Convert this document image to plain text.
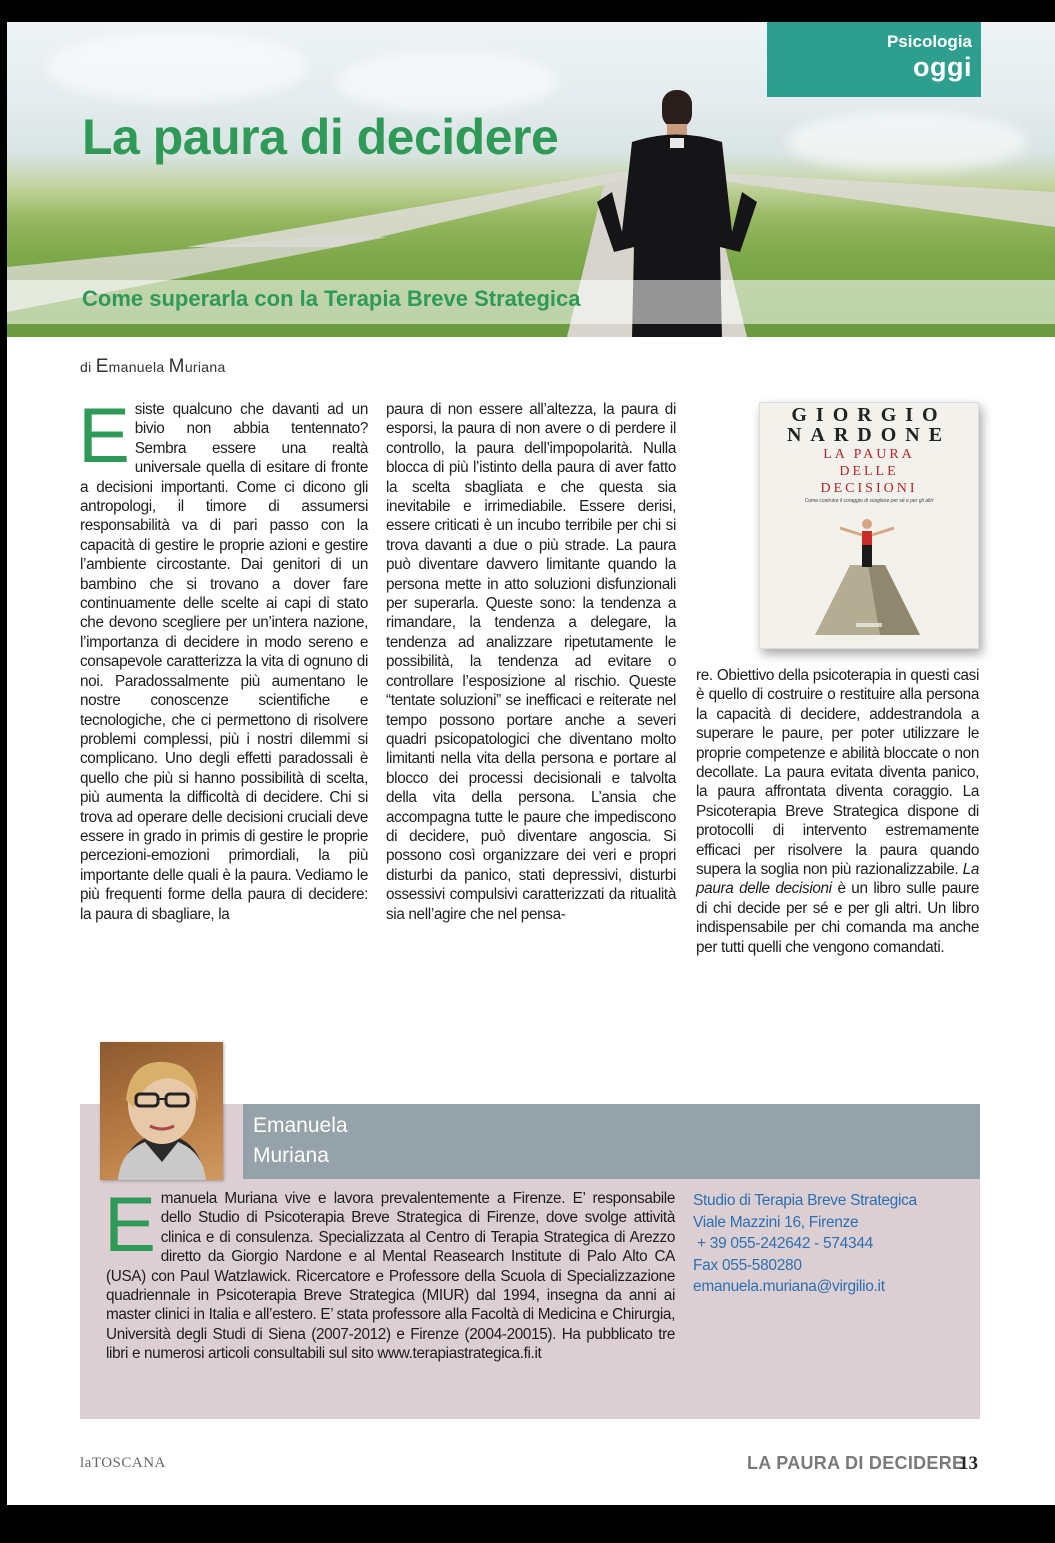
Psicologia
oggi
La paura di decidere
Come superarla con la Terapia Breve Strategica
di Emanuela Muriana

Esiste qualcuno che davanti ad un bivio non abbia tentennato? Sembra essere una realtà universale quella di esitare di fronte a decisioni importanti. Come ci dicono gli antropologi, il timore di assumersi responsabilità va di pari passo con la capacità di gestire le proprie azioni e gestire l’ambiente circostante. Dai genitori di un bambino che si trovano a dover fare continuamente delle scelte ai capi di stato che devono scegliere per un’intera nazione, l’importanza di decidere in modo sereno e consapevole caratterizza la vita di ognuno di noi. Paradossalmente più aumentano le nostre conoscenze scientifiche e tecnologiche, che ci permettono di risolvere problemi complessi, più i nostri dilemmi si complicano. Uno degli effetti paradossali è quello che più si hanno possibilità di scelta, più aumenta la difficoltà di decidere. Chi si trova ad operare delle decisioni cruciali deve essere in grado in primis di gestire le proprie percezioni-emozioni primordiali, la più importante delle quali è la paura. Vediamo le più frequenti forme della paura di decidere: la paura di sbagliare, la

paura di non essere all’altezza, la paura di esporsi, la paura di non avere o di perdere il controllo, la paura dell’impopolarità. Nulla blocca di più l’istinto della paura di aver fatto la scelta sbagliata e che questa sia inevitabile e irrimediabile. Essere derisi, essere criticati è un incubo terribile per chi si trova davanti a due o più strade. La paura può diventare davvero limitante quando la persona mette in atto soluzioni disfunzionali per superarla. Queste sono: la tendenza a rimandare, la tendenza a delegare, la tendenza ad analizzare ripetutamente le possibilità, la tendenza ad evitare o controllare l’esposizione al rischio. Queste “tentate soluzioni” se inefficaci e reiterate nel tempo possono portare anche a severi quadri psicopatologici che diventano molto limitanti nella vita della persona e portare al blocco dei processi decisionali e talvolta della vita della persona. L’ansia che accompagna tutte le paure che impediscono di decidere, può diventare angoscia. Si possono così organizzare dei veri e propri disturbi da panico, stati depressivi, disturbi ossessivi compulsivi caratterizzati da ritualità sia nell’agire che nel pensa-

GIORGIO
NARDONE
LA PAURA
DELLE
DECISIONI
Come costruire il coraggio di scegliere per sé e per gli altri

re. Obiettivo della psicoterapia in questi casi è quello di costruire o restituire alla persona la capacità di decidere, addestrandola a superare le paure, per poter utilizzare le proprie competenze e abilità bloccate o non decollate. La paura evitata diventa panico, la paura affrontata diventa coraggio. La Psicoterapia Breve Strategica dispone di protocolli di intervento estremamente efficaci per risolvere la paura quando supera la soglia non più razionalizzabile. La paura delle decisioni è un libro sulle paure di chi decide per sé e per gli altri. Un libro indispensabile per chi comanda ma anche per tutti quelli che vengono comandati.

Emanuela
Muriana

Emanuela Muriana vive e lavora prevalentemente a Firenze. E’ responsabile dello Studio di Psicoterapia Breve Strategica di Firenze, dove svolge attività clinica e di consulenza. Specializzata al Centro di Terapia Strategica di Arezzo diretto da Giorgio Nardone e al Mental Reasearch Institute di Palo Alto CA (USA) con Paul Watzlawick. Ricercatore e Professore della Scuola di Specializzazione quadriennale in Psicoterapia Breve Strategica (MIUR) dal 1994, insegna da anni ai master clinici in Italia e all’estero. E’ stata professore alla Facoltà di Medicina e Chirurgia, Università degli Studi di Siena (2007-2012) e Firenze (2004-20015). Ha pubblicato tre libri e numerosi articoli consultabili sul sito www.terapiastrategica.fi.it

Studio di Terapia Breve Strategica
Viale Mazzini 16, Firenze
+ 39 055-242642 - 574344
Fax 055-580280
emanuela.muriana@virgilio.it
laTOSCANA	LA PAURA DI DECIDERE
13
